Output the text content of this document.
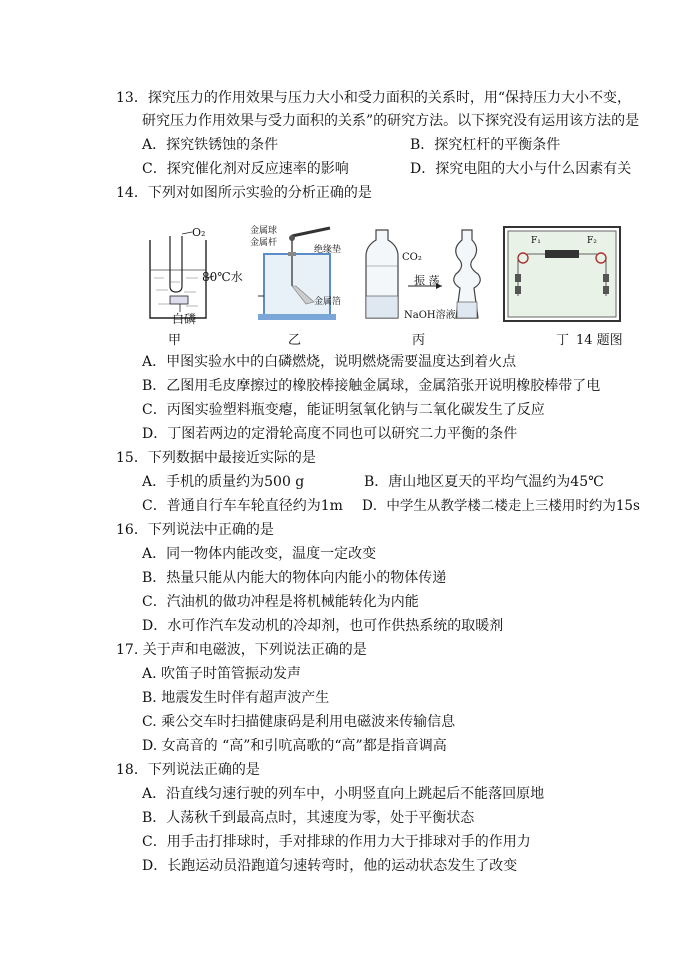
13．探究压力的作用效果与压力大小和受力面积的关系时，用“保持压力大小不变，
研究压力作用效果与受力面积的关系”的研究方法。以下探究没有运用该方法的是
A．探究铁锈蚀的条件	B．探究杠杆的平衡条件
C．探究催化剂对反应速率的影响	D．探究电阻的大小与什么因素有关
14．下列对如图所示实验的分析正确的是
O₂
80℃水
白磷
甲
金属球
金属杆
绝缘垫
金属箔
乙
CO₂
振 荡
NaOH溶液
丙
F₁	F₂
丁 14 题图
A．甲图实验水中的白磷燃烧，说明燃烧需要温度达到着火点
B．乙图用毛皮摩擦过的橡胶棒接触金属球，金属箔张开说明橡胶棒带了电
C．丙图实验塑料瓶变瘪，能证明氢氧化钠与二氧化碳发生了反应
D．丁图若两边的定滑轮高度不同也可以研究二力平衡的条件
15．下列数据中最接近实际的是
A．手机的质量约为500 g	B．唐山地区夏天的平均气温约为45℃
C．普通自行车车轮直径约为1m D．中学生从教学楼二楼走上三楼用时约为15s
16．下列说法中正确的是
A．同一物体内能改变，温度一定改变
B．热量只能从内能大的物体向内能小的物体传递
C．汽油机的做功冲程是将机械能转化为内能
D．水可作汽车发动机的冷却剂，也可作供热系统的取暖剂
17. 关于声和电磁波，下列说法正确的是
A. 吹笛子时笛管振动发声
B. 地震发生时伴有超声波产生
C. 乘公交车时扫描健康码是利用电磁波来传输信息
D. 女高音的 “高”和引吭高歌的“高”都是指音调高
18．下列说法正确的是
A．沿直线匀速行驶的列车中，小明竖直向上跳起后不能落回原地
B．人荡秋千到最高点时，其速度为零，处于平衡状态
C．用手击打排球时，手对排球的作用力大于排球对手的作用力
D．长跑运动员沿跑道匀速转弯时，他的运动状态发生了改变
